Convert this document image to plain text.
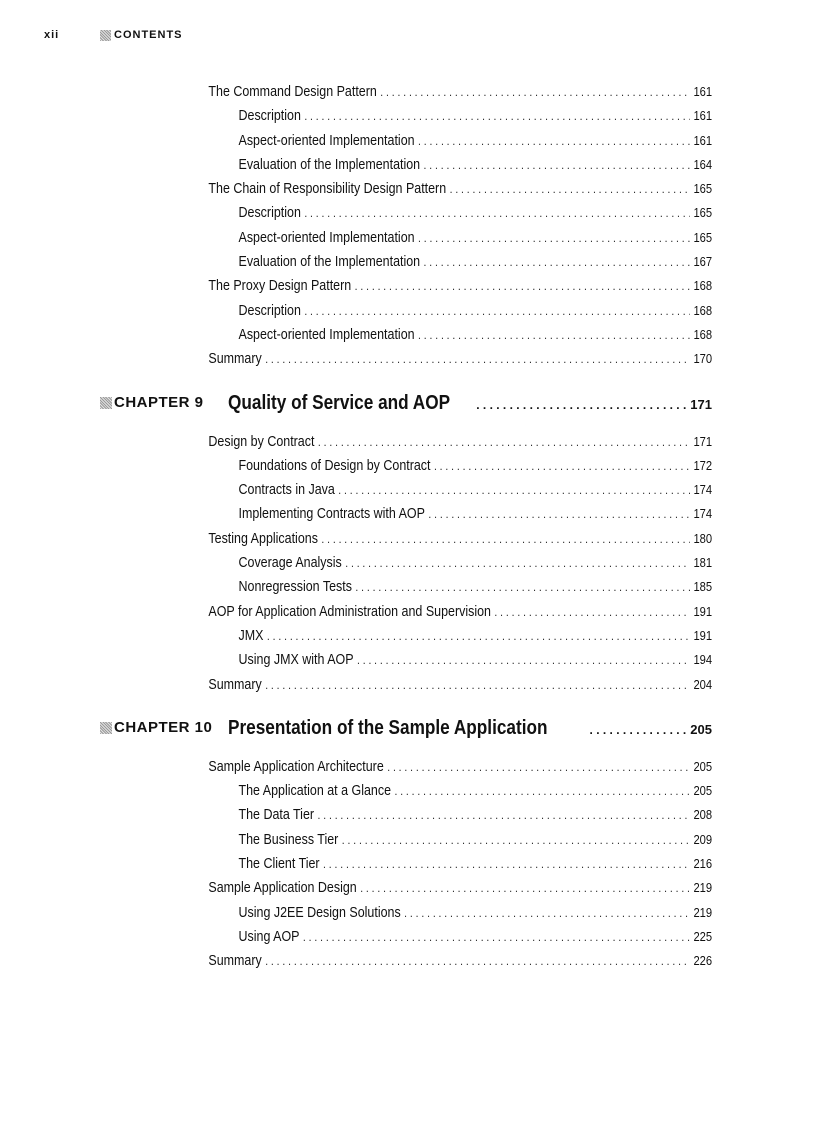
xii	CONTENTS
The Command Design Pattern . . .	161
Description . . .	161
Aspect-oriented Implementation . . .	161
Evaluation of the Implementation . . .	164
The Chain of Responsibility Design Pattern . . .	165
Description . . .	165
Aspect-oriented Implementation . . .	165
Evaluation of the Implementation . . .	167
The Proxy Design Pattern . . .	168
Description . . .	168
Aspect-oriented Implementation . . .	168
Summary . . .	170
CHAPTER 9 Quality of Service and AOP . . .	171
Design by Contract . . .	171
Foundations of Design by Contract . . .	172
Contracts in Java . . .	174
Implementing Contracts with AOP . . .	174
Testing Applications . . .	180
Coverage Analysis . . .	181
Nonregression Tests . . .	185
AOP for Application Administration and Supervision . . .	191
JMX . . .	191
Using JMX with AOP . . .	194
Summary . . .	204
CHAPTER 10 Presentation of the Sample Application . . .	205
Sample Application Architecture . . .	205
The Application at a Glance . . .	205
The Data Tier . . .	208
The Business Tier . . .	209
The Client Tier . . .	216
Sample Application Design . . .	219
Using J2EE Design Solutions . . .	219
Using AOP . . .	225
Summary . . .	226
